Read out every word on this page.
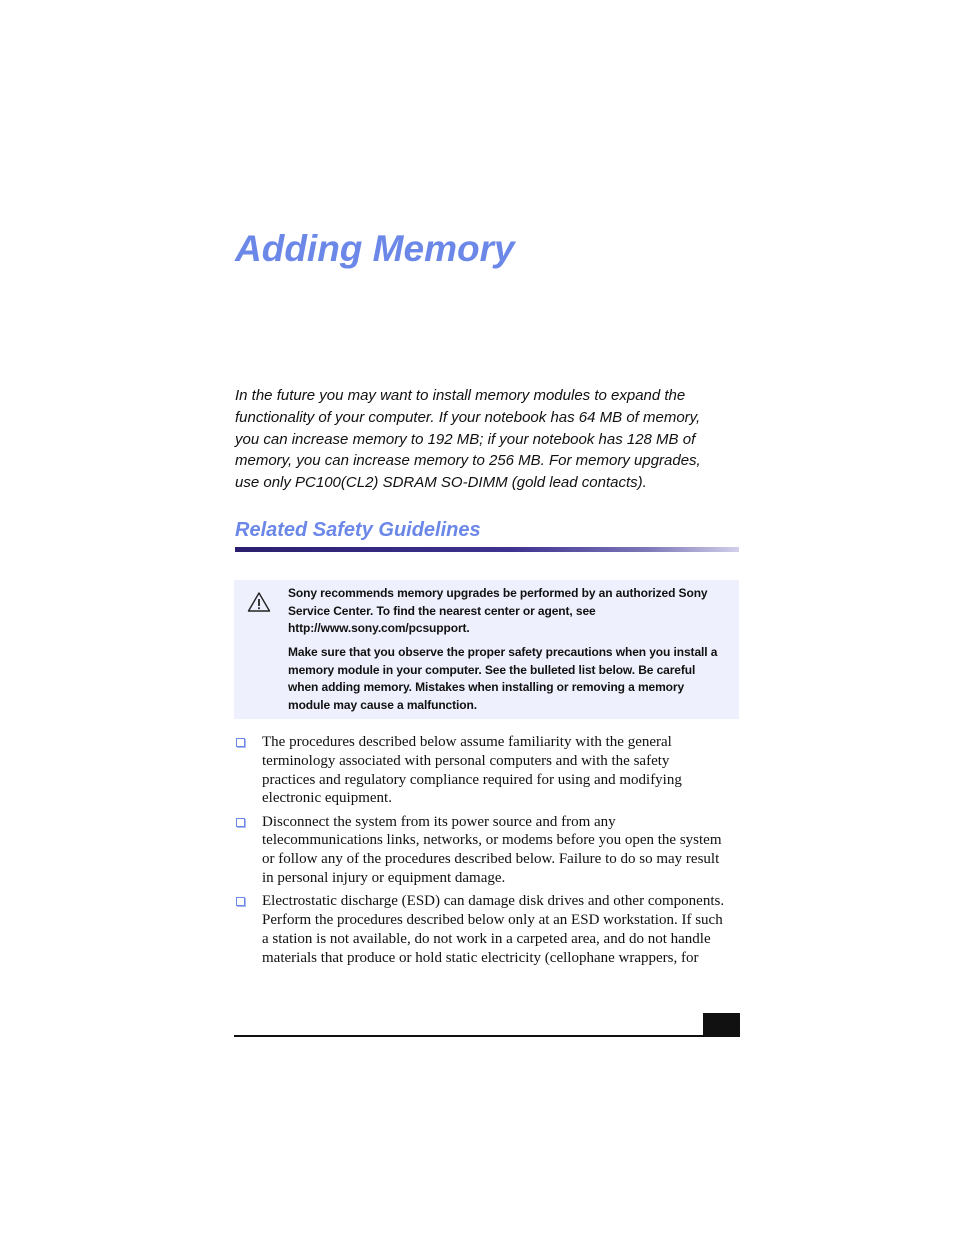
Adding Memory
In the future you may want to install memory modules to expand the
functionality of your computer. If your notebook has 64 MB of memory,
you can increase memory to 192 MB; if your notebook has 128 MB of
memory, you can increase memory to 256 MB. For memory upgrades,
use only PC100(CL2) SDRAM SO-DIMM (gold lead contacts).
Related Safety Guidelines

Sony recommends memory upgrades be performed by an authorized Sony
Service Center. To find the nearest center or agent, see
http://www.sony.com/pcsupport.

Make sure that you observe the proper safety precautions when you install a
memory module in your computer. See the bulleted list below. Be careful
when adding memory. Mistakes when installing or removing a memory
module may cause a malfunction.

The procedures described below assume familiarity with the general
terminology associated with personal computers and with the safety
practices and regulatory compliance required for using and modifying
electronic equipment.
Disconnect the system from its power source and from any
telecommunications links, networks, or modems before you open the system
or follow any of the procedures described below. Failure to do so may result
in personal injury or equipment damage.
Electrostatic discharge (ESD) can damage disk drives and other components.
Perform the procedures described below only at an ESD workstation. If such
a station is not available, do not work in a carpeted area, and do not handle
materials that produce or hold static electricity (cellophane wrappers, for
